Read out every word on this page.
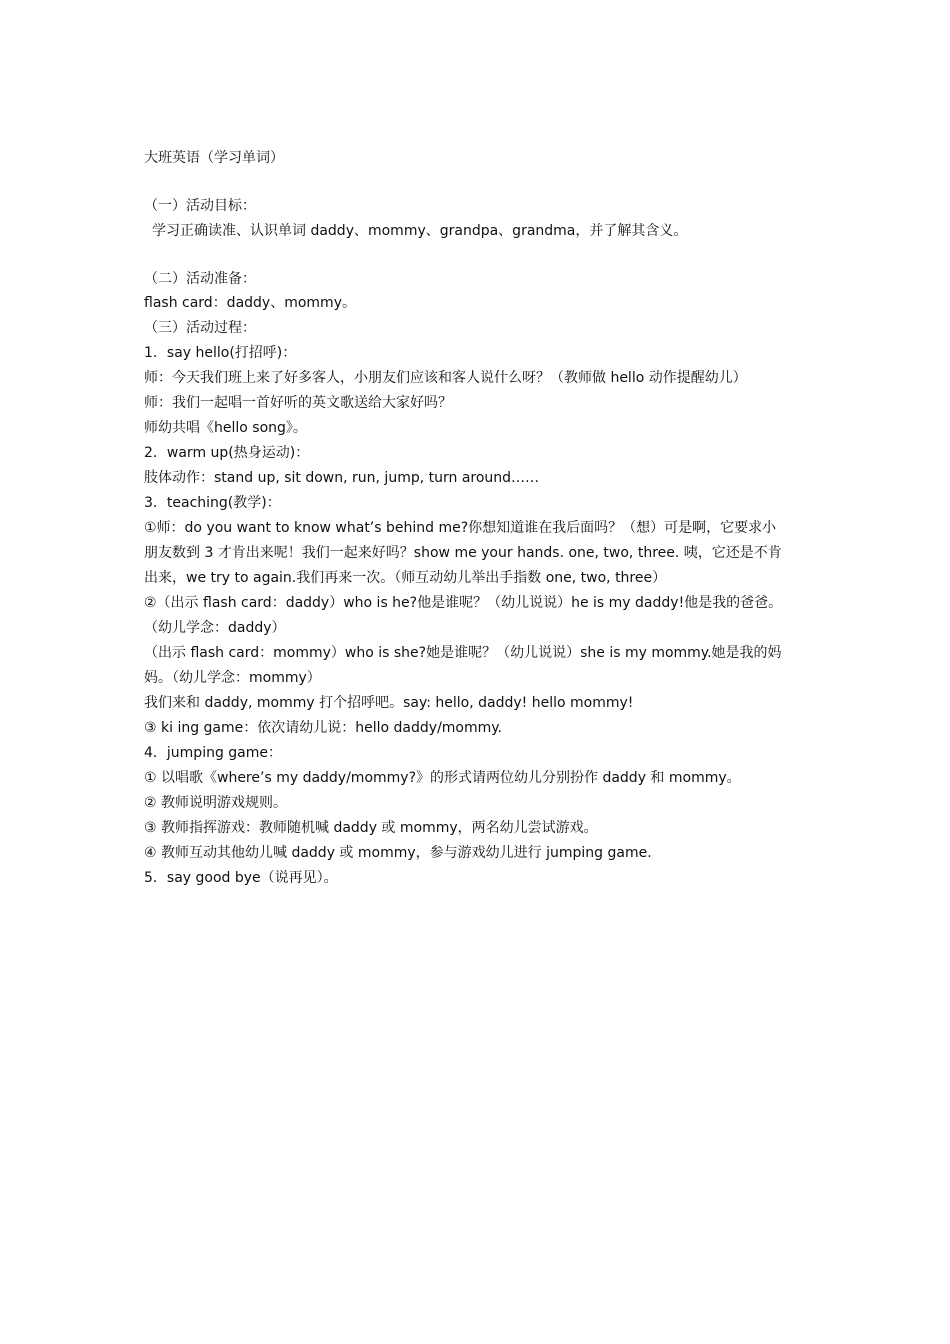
大班英语（学习单词）
（一）活动目标：
学习正确读准、认识单词 daddy、mommy、grandpa、grandma，并了解其含义。
（二）活动准备：
flash card：daddy、mommy。
（三）活动过程：
1．say hello(打招呼)：
师：今天我们班上来了好多客人，小朋友们应该和客人说什么呀？（教师做 hello 动作提醒幼儿）
师：我们一起唱一首好听的英文歌送给大家好吗？
师幼共唱《hello song》。
2．warm up(热身运动)：
肢体动作：stand up, sit down, run, jump, turn around……
3．teaching(教学)：
①师：do you want to know what’s behind me?你想知道谁在我后面吗？（想）可是啊，它要求小
朋友数到 3 才肯出来呢！我们一起来好吗？show me your hands. one, two, three. 咦，它还是不肯
出来，we try to again.我们再来一次。（师互动幼儿举出手指数 one, two, three）
②（出示 flash card：daddy）who is he?他是谁呢？（幼儿说说）he is my daddy!他是我的爸爸。
（幼儿学念：daddy）
（出示 flash card：mommy）who is she?她是谁呢？（幼儿说说）she is my mommy.她是我的妈
妈。（幼儿学念：mommy）
我们来和 daddy, mommy 打个招呼吧。say: hello, daddy! hello mommy!
③ ki ing game：依次请幼儿说：hello daddy/mommy.
4．jumping game：
① 以唱歌《where’s my daddy/mommy?》的形式请两位幼儿分别扮作 daddy 和 mommy。
② 教师说明游戏规则。
③ 教师指挥游戏：教师随机喊 daddy 或 mommy，两名幼儿尝试游戏。
④ 教师互动其他幼儿喊 daddy 或 mommy，参与游戏幼儿进行 jumping game.
5．say good bye（说再见）。
